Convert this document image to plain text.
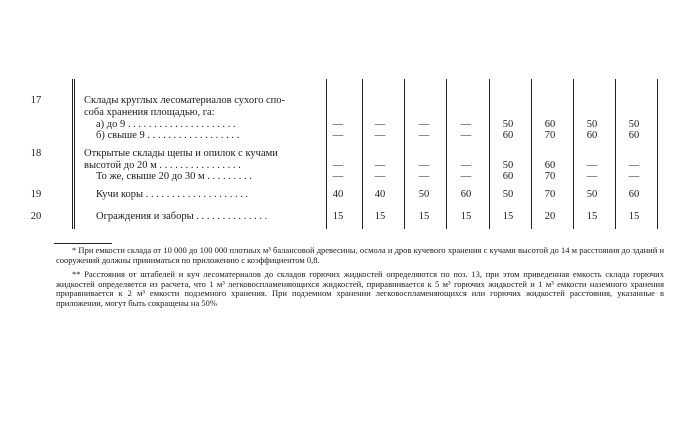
17	Склады круглых лесоматериалов сухого спо-
соба хранения площадью, га:
а) до 9 . . . . . . . . . . . . . . . . . . . . .	—	—	—	—	50	60	50	50
б) свыше 9 . . . . . . . . . . . . . . . . . .	—	—	—	—	60	70	60	60
18	Открытые склады щепы и опилок с кучами
высотой до 20 м . . . . . . . . . . . . . . . .	—	—	—	—	50	60	—	—
То же, свыше 20 до 30 м . . . . . . . . .	—	—	—	—	60	70	—	—
19	Кучи коры . . . . . . . . . . . . . . . . . . . .	40	40	50	60	50	70	50	60
20	Ограждения и заборы . . . . . . . . . . . . . .	15	15	15	15	15	20	15	15
* При емкости склада от 10 000 до 100 000 плотных м³ балансовой древесины, осмола и дров кучевого хранения с кучами высотой до 14 м расстояния до зданий и сооружений должны приниматься по приложению с коэффициентом 0,8.
** Расстояния от штабелей и куч лесоматериалов до складов горючих жидкостей определяются по поз. 13, при этом приведенная емкость склада горючих жидкостей определяется из расчета, что 1 м³ легковоспламеняющихся жидкостей, приравнивается к 5 м³ горючих жидкостей и 1 м³ емкости наземного хранения приравнивается к 2 м³ емкости подземного хранения. При подземном хранении легковоспламеняющихся или горючих жидкостей расстояния, указанные в приложении, могут быть сокращены на 50%
